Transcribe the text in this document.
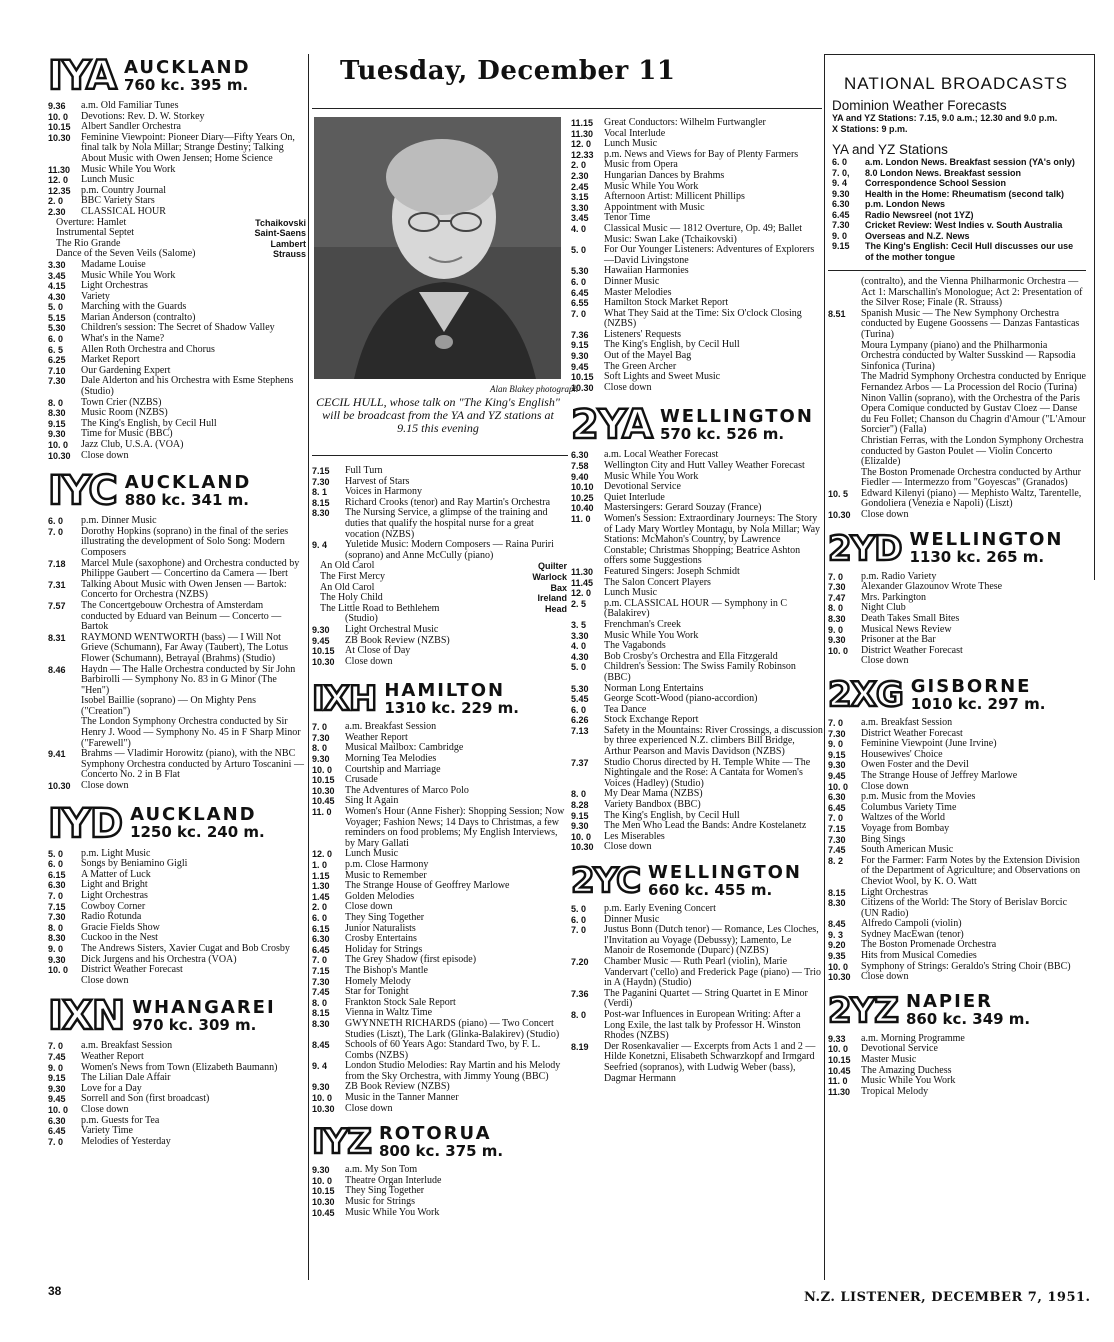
Tuesday, December 11
Alan Blakey photograph
CECIL HULL, whose talk on "The King's English" will be broadcast from the YA and YZ stations at 9.15 this evening
IYA AUCKLAND
760 kc. 395 m.
9.36	a.m. Old Familiar Tunes
10. 0	Devotions: Rev. D. W. Storkey
10.15	Albert Sandler Orchestra
10.30	Feminine Viewpoint: Pioneer Diary—Fifty Years On, final talk by Nola Millar; Strange Destiny; Talking About Music with Owen Jensen; Home Science
11.30	Music While You Work
12. 0	Lunch Music
12.35	p.m. Country Journal
2. 0	BBC Variety Stars
2.30	CLASSICAL HOUR
Overture: Hamlet	Tchaikovski
Instrumental Septet	Saint-Saens
The Rio Grande	Lambert
Dance of the Seven Veils (Salome)	Strauss
3.30	Madame Louise
3.45	Music While You Work
4.15	Light Orchestras
4.30	Variety
5. 0	Marching with the Guards
5.15	Marian Anderson (contralto)
5.30	Children's session: The Secret of Shadow Valley
6. 0	What's in the Name?
6. 5	Allen Roth Orchestra and Chorus
6.25	Market Report
7.10	Our Gardening Expert
7.30	Dale Alderton and his Orchestra with Esme Stephens (Studio)
8. 0	Town Crier (NZBS)
8.30	Music Room (NZBS)
9.15	The King's English, by Cecil Hull
9.30	Time for Music (BBC)
10. 0	Jazz Club, U.S.A. (VOA)
10.30	Close down
IYC AUCKLAND
880 kc. 341 m.
6. 0	p.m. Dinner Music
7. 0	Dorothy Hopkins (soprano) in the final of the series illustrating the development of Solo Song: Modern Composers
7.18	Marcel Mule (saxophone) and Orchestra conducted by Philippe Gaubert — Concertino da Camera — Ibert
7.31	Talking About Music with Owen Jensen — Bartok: Concerto for Orchestra (NZBS)
7.57	The Concertgebouw Orchestra of Amsterdam conducted by Eduard van Beinum — Concerto — Bartok
8.31	RAYMOND WENTWORTH (bass) — I Will Not Grieve (Schumann), Far Away (Taubert), The Lotus Flower (Schumann), Betrayal (Brahms) (Studio)
8.46	Haydn — The Halle Orchestra conducted by Sir John Barbirolli — Symphony No. 83 in G Minor (The "Hen")
Isobel Baillie (soprano) — On Mighty Pens ("Creation")
The London Symphony Orchestra conducted by Sir Henry J. Wood — Symphony No. 45 in F Sharp Minor ("Farewell")
9.41	Brahms — Vladimir Horowitz (piano), with the NBC Symphony Orchestra conducted by Arturo Toscanini — Concerto No. 2 in B Flat
10.30	Close down
IYD AUCKLAND
1250 kc. 240 m.
5. 0	p.m. Light Music
6. 0	Songs by Beniamino Gigli
6.15	A Matter of Luck
6.30	Light and Bright
7. 0	Light Orchestras
7.15	Cowboy Corner
7.30	Radio Rotunda
8. 0	Gracie Fields Show
8.30	Cuckoo in the Nest
9. 0	The Andrews Sisters, Xavier Cugat and Bob Crosby
9.30	Dick Jurgens and his Orchestra (VOA)
10. 0	District Weather Forecast
Close down
IXN WHANGAREI
970 kc. 309 m.
7. 0	a.m. Breakfast Session
7.45	Weather Report
9. 0	Women's News from Town (Elizabeth Baumann)
9.15	The Lilian Dale Affair
9.30	Love for a Day
9.45	Sorrell and Son (first broadcast)
10. 0	Close down
6.30	p.m. Guests for Tea
6.45	Variety Time
7. 0	Melodies of Yesterday
7.15	Full Turn
7.30	Harvest of Stars
8. 1	Voices in Harmony
8.15	Richard Crooks (tenor) and Ray Martin's Orchestra
8.30	The Nursing Service, a glimpse of the training and duties that qualify the hospital nurse for a great vocation (NZBS)
9. 4	Yuletide Music: Modern Composers — Raina Puriri (soprano) and Anne McCully (piano)
An Old Carol	Quilter
The First Mercy	Warlock
An Old Carol	Bax
The Holy Child	Ireland
The Little Road to Bethlehem	Head
(Studio)
9.30	Light Orchestral Music
9.45	ZB Book Review (NZBS)
10.15	At Close of Day
10.30	Close down
IXH HAMILTON
1310 kc. 229 m.
7. 0	a.m. Breakfast Session
7.30	Weather Report
8. 0	Musical Mailbox: Cambridge
9.30	Morning Tea Melodies
10. 0	Courtship and Marriage
10.15	Crusade
10.30	The Adventures of Marco Polo
10.45	Sing It Again
11. 0	Women's Hour (Anne Fisher): Shopping Session; Now Voyager; Fashion News; 14 Days to Christmas, a few reminders on food problems; My English Interviews, by Mary Gallati
12. 0	Lunch Music
1. 0	p.m. Close Harmony
1.15	Music to Remember
1.30	The Strange House of Geoffrey Marlowe
1.45	Golden Melodies
2. 0	Close down
6. 0	They Sing Together
6.15	Junior Naturalists
6.30	Crosby Entertains
6.45	Holiday for Strings
7. 0	The Grey Shadow (first episode)
7.15	The Bishop's Mantle
7.30	Homely Melody
7.45	Star for Tonight
8. 0	Frankton Stock Sale Report
8.15	Vienna in Waltz Time
8.30	GWYNNETH RICHARDS (piano) — Two Concert Studies (Liszt), The Lark (Glinka-Balakirev) (Studio)
8.45	Schools of 60 Years Ago: Standard Two, by F. L. Combs (NZBS)
9. 4	London Studio Melodies: Ray Martin and his Melody from the Sky Orchestra, with Jimmy Young (BBC)
9.30	ZB Book Review (NZBS)
10. 0	Music in the Tanner Manner
10.30	Close down
IYZ ROTORUA
800 kc. 375 m.
9.30	a.m. My Son Tom
10. 0	Theatre Organ Interlude
10.15	They Sing Together
10.30	Music for Strings
10.45	Music While You Work
11.15	Great Conductors: Wilhelm Furtwangler
11.30	Vocal Interlude
12. 0	Lunch Music
12.33	p.m. News and Views for Bay of Plenty Farmers
2. 0	Music from Opera
2.30	Hungarian Dances by Brahms
2.45	Music While You Work
3.15	Afternoon Artist: Millicent Phillips
3.30	Appointment with Music
3.45	Tenor Time
4. 0	Classical Music — 1812 Overture, Op. 49; Ballet Music: Swan Lake (Tchaikovski)
5. 0	For Our Younger Listeners: Adventures of Explorers—David Livingstone
5.30	Hawaiian Harmonies
6. 0	Dinner Music
6.45	Master Melodies
6.55	Hamilton Stock Market Report
7. 0	What They Said at the Time: Six O'clock Closing (NZBS)
7.36	Listeners' Requests
9.15	The King's English, by Cecil Hull
9.30	Out of the Mayel Bag
9.45	The Green Archer
10.15	Soft Lights and Sweet Music
10.30	Close down
2YA WELLINGTON
570 kc. 526 m.
6.30	a.m. Local Weather Forecast
7.58	Wellington City and Hutt Valley Weather Forecast
9.40	Music While You Work
10.10	Devotional Service
10.25	Quiet Interlude
10.40	Mastersingers: Gerard Souzay (France)
11. 0	Women's Session: Extraordinary Journeys: The Story of Lady Mary Wortley Montagu, by Nola Millar; Way Stations: McMahon's Country, by Lawrence Constable; Christmas Shopping; Beatrice Ashton offers some Suggestions
11.30	Featured Singers: Joseph Schmidt
11.45	The Salon Concert Players
12. 0	Lunch Music
2. 5	p.m. CLASSICAL HOUR — Symphony in C (Balakirev)
3. 5	Frenchman's Creek
3.30	Music While You Work
4. 0	The Vagabonds
4.30	Bob Crosby's Orchestra and Ella Fitzgerald
5. 0	Children's Session: The Swiss Family Robinson (BBC)
5.30	Norman Long Entertains
5.45	George Scott-Wood (piano-accordion)
6. 0	Tea Dance
6.26	Stock Exchange Report
7.13	Safety in the Mountains: River Crossings, a discussion by three experienced N.Z. climbers Bill Bridge, Arthur Pearson and Mavis Davidson (NZBS)
7.37	Studio Chorus directed by H. Temple White — The Nightingale and the Rose: A Cantata for Women's Voices (Hadley) (Studio)
8. 0	My Dear Mama (NZBS)
8.28	Variety Bandbox (BBC)
9.15	The King's English, by Cecil Hull
9.30	The Men Who Lead the Bands: Andre Kostelanetz
10. 0	Les Miserables
10.30	Close down
2YC WELLINGTON
660 kc. 455 m.
5. 0	p.m. Early Evening Concert
6. 0	Dinner Music
7. 0	Justus Bonn (Dutch tenor) — Romance, Les Cloches, l'Invitation au Voyage (Debussy); Lamento, Le Manoir de Rosemonde (Duparc) (NZBS)
7.20	Chamber Music — Ruth Pearl (violin), Marie Vandervart ('cello) and Frederick Page (piano) — Trio in A (Haydn) (Studio)
7.36	The Paganini Quartet — String Quartet in E Minor (Verdi)
8. 0	Post-war Influences in European Writing: After a Long Exile, the last talk by Professor H. Winston Rhodes (NZBS)
8.19	Der Rosenkavalier — Excerpts from Acts 1 and 2 — Hilde Konetzni, Elisabeth Schwarzkopf and Irmgard Seefried (sopranos), with Ludwig Weber (bass), Dagmar Hermann
NATIONAL BROADCASTS
Dominion Weather Forecasts
YA and YZ Stations: 7.15, 9.0 a.m.; 12.30 and 9.0 p.m.
X Stations: 9 p.m.
YA and YZ Stations
6. 0	a.m. London News. Breakfast session (YA's only)
7. 0,	8.0 London News. Breakfast session
9. 4	Correspondence School Session
9.30	Health in the Home: Rheumatism (second talk)
6.30	p.m. London News
6.45	Radio Newsreel (not 1YZ)
7.30	Cricket Review: West Indies v. South Australia
9. 0	Overseas and N.Z. News
9.15	The King's English: Cecil Hull discusses our use of the mother tongue
(contralto), and the Vienna Philharmonic Orchestra — Act 1: Marschallin's Monologue; Act 2: Presentation of the Silver Rose; Finale (R. Strauss)
8.51	Spanish Music — The New Symphony Orchestra conducted by Eugene Goossens — Danzas Fantasticas (Turina)
Moura Lympany (piano) and the Philharmonia Orchestra conducted by Walter Susskind — Rapsodia Sinfonica (Turina)
The Madrid Symphony Orchestra conducted by Enrique Fernandez Arbos — La Procession del Rocio (Turina)
Ninon Vallin (soprano), with the Orchestra of the Paris Opera Comique conducted by Gustav Cloez — Danse du Feu Follet; Chanson du Chagrin d'Amour ("L'Amour Sorcier") (Falla)
Christian Ferras, with the London Symphony Orchestra conducted by Gaston Poulet — Violin Concerto (Elizalde)
The Boston Promenade Orchestra conducted by Arthur Fiedler — Intermezzo from "Goyescas" (Granados)
10. 5	Edward Kilenyi (piano) — Mephisto Waltz, Tarentelle, Gondoliera (Venezia e Napoli) (Liszt)
10.30	Close down
2YD WELLINGTON
1130 kc. 265 m.
7. 0	p.m. Radio Variety
7.30	Alexander Glazounov Wrote These
7.47	Mrs. Parkington
8. 0	Night Club
8.30	Death Takes Small Bites
9. 0	Musical News Review
9.30	Prisoner at the Bar
10. 0	District Weather Forecast
Close down
2XG GISBORNE
1010 kc. 297 m.
7. 0	a.m. Breakfast Session
7.30	District Weather Forecast
9. 0	Feminine Viewpoint (June Irvine)
9.15	Housewives' Choice
9.30	Owen Foster and the Devil
9.45	The Strange House of Jeffrey Marlowe
10. 0	Close down
6.30	p.m. Music from the Movies
6.45	Columbus Variety Time
7. 0	Waltzes of the World
7.15	Voyage from Bombay
7.30	Bing Sings
7.45	South American Music
8. 2	For the Farmer: Farm Notes by the Extension Division of the Department of Agriculture; and Observations on Cheviot Wool, by K. O. Watt
8.15	Light Orchestras
8.30	Citizens of the World: The Story of Berislav Borcic (UN Radio)
8.45	Alfredo Campoli (violin)
9. 3	Sydney MacEwan (tenor)
9.20	The Boston Promenade Orchestra
9.35	Hits from Musical Comedies
10. 0	Symphony of Strings: Geraldo's String Choir (BBC)
10.30	Close down
2YZ NAPIER
860 kc. 349 m.
9.33	a.m. Morning Programme
10. 0	Devotional Service
10.15	Master Music
10.45	The Amazing Duchess
11. 0	Music While You Work
11.30	Tropical Melody
38	N.Z. LISTENER, DECEMBER 7, 1951.
